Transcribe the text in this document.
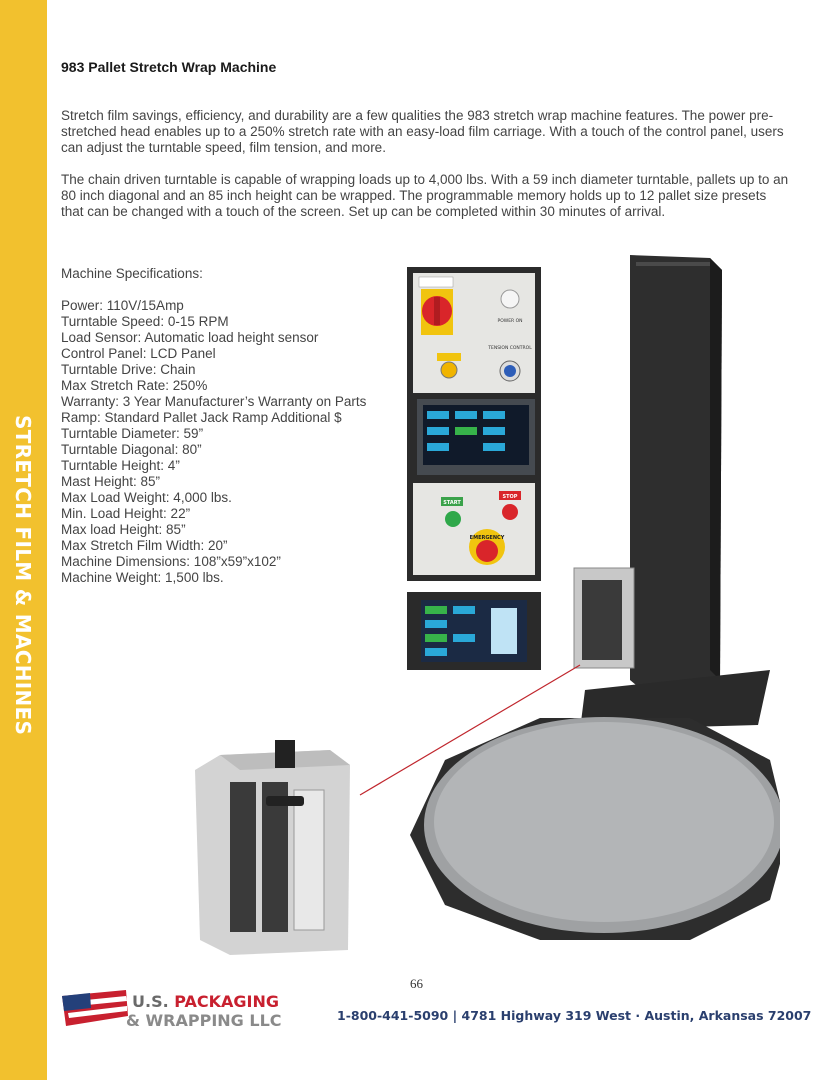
STRETCH FILM & MACHINES
983 Pallet Stretch Wrap Machine

Stretch film savings, efficiency, and durability are a few qualities the 983 stretch wrap machine features. The power pre-stretched head enables up to a 250% stretch rate with an easy-load film carriage. With a touch of the control panel, users can adjust the turntable speed, film tension, and more.

The chain driven turntable is capable of wrapping loads up to 4,000 lbs. With a 59 inch diameter turntable, pallets up to an 80 inch diagonal and an 85 inch height can be wrapped. The programmable memory holds up to 12 pallet size presets that can be changed with a touch of the screen. Set up can be completed within 30 minutes of arrival.

Machine Specifications:
Power: 110V/15Amp
Turntable Speed: 0-15 RPM
Load Sensor: Automatic load height sensor
Control Panel: LCD Panel
Turntable Drive: Chain
Max Stretch Rate: 250%
Warranty: 3 Year Manufacturer’s Warranty on Parts
Ramp: Standard Pallet Jack Ramp Additional $
Turntable Diameter: 59”
Turntable Diagonal: 80”
Turntable Height: 4”
Mast Height: 85”
Max Load Weight: 4,000 lbs.
Min. Load Height: 22”
Max load Height: 85”
Max Stretch Film Width: 20”
Machine Dimensions: 108”x59”x102”
Machine Weight: 1,500 lbs.
POWER ON
TENSION CONTROL
START
STOP
EMERGENCY
66
U.S. PACKAGING
& WRAPPING LLC	1-800-441-5090 | 4781 Highway 319 West · Austin, Arkansas 72007
